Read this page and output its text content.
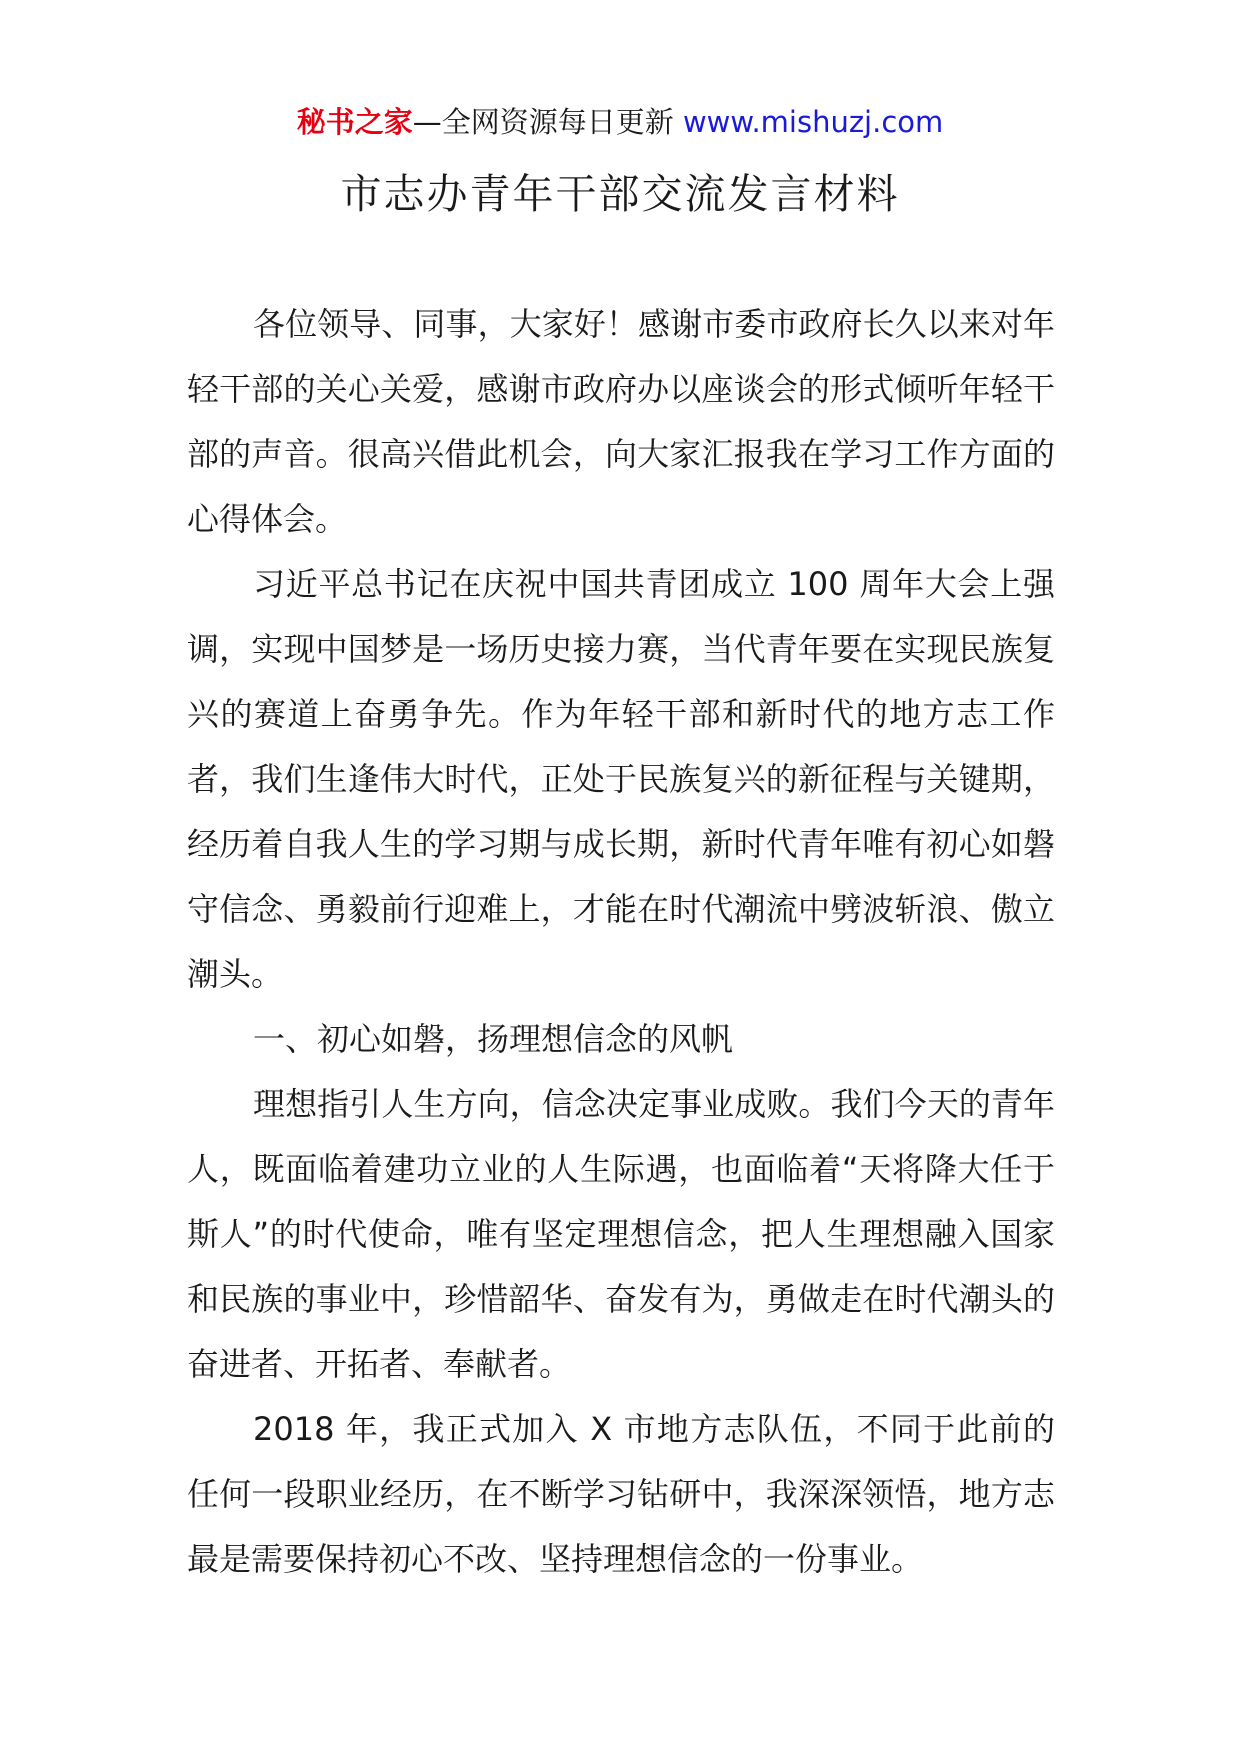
秘书之家—全网资源每日更新 www.mishuzj.com
市志办青年干部交流发言材料

各位领导、同事，大家好！感谢市委市政府长久以来对年轻干部的关心关爱，感谢市政府办以座谈会的形式倾听年轻干部的声音。很高兴借此机会，向大家汇报我在学习工作方面的心得体会。

习近平总书记在庆祝中国共青团成立 100 周年大会上强调，实现中国梦是一场历史接力赛，当代青年要在实现民族复兴的赛道上奋勇争先。作为年轻干部和新时代的地方志工作者，我们生逢伟大时代，正处于民族复兴的新征程与关键期，经历着自我人生的学习期与成长期，新时代青年唯有初心如磐守信念、勇毅前行迎难上，才能在时代潮流中劈波斩浪、傲立潮头。

一、初心如磐，扬理想信念的风帆

理想指引人生方向，信念决定事业成败。我们今天的青年人，既面临着建功立业的人生际遇，也面临着“天将降大任于斯人”的时代使命，唯有坚定理想信念，把人生理想融入国家和民族的事业中，珍惜韶华、奋发有为，勇做走在时代潮头的奋进者、开拓者、奉献者。

2018 年，我正式加入 X 市地方志队伍，不同于此前的任何一段职业经历，在不断学习钻研中，我深深领悟，地方志最是需要保持初心不改、坚持理想信念的一份事业。
